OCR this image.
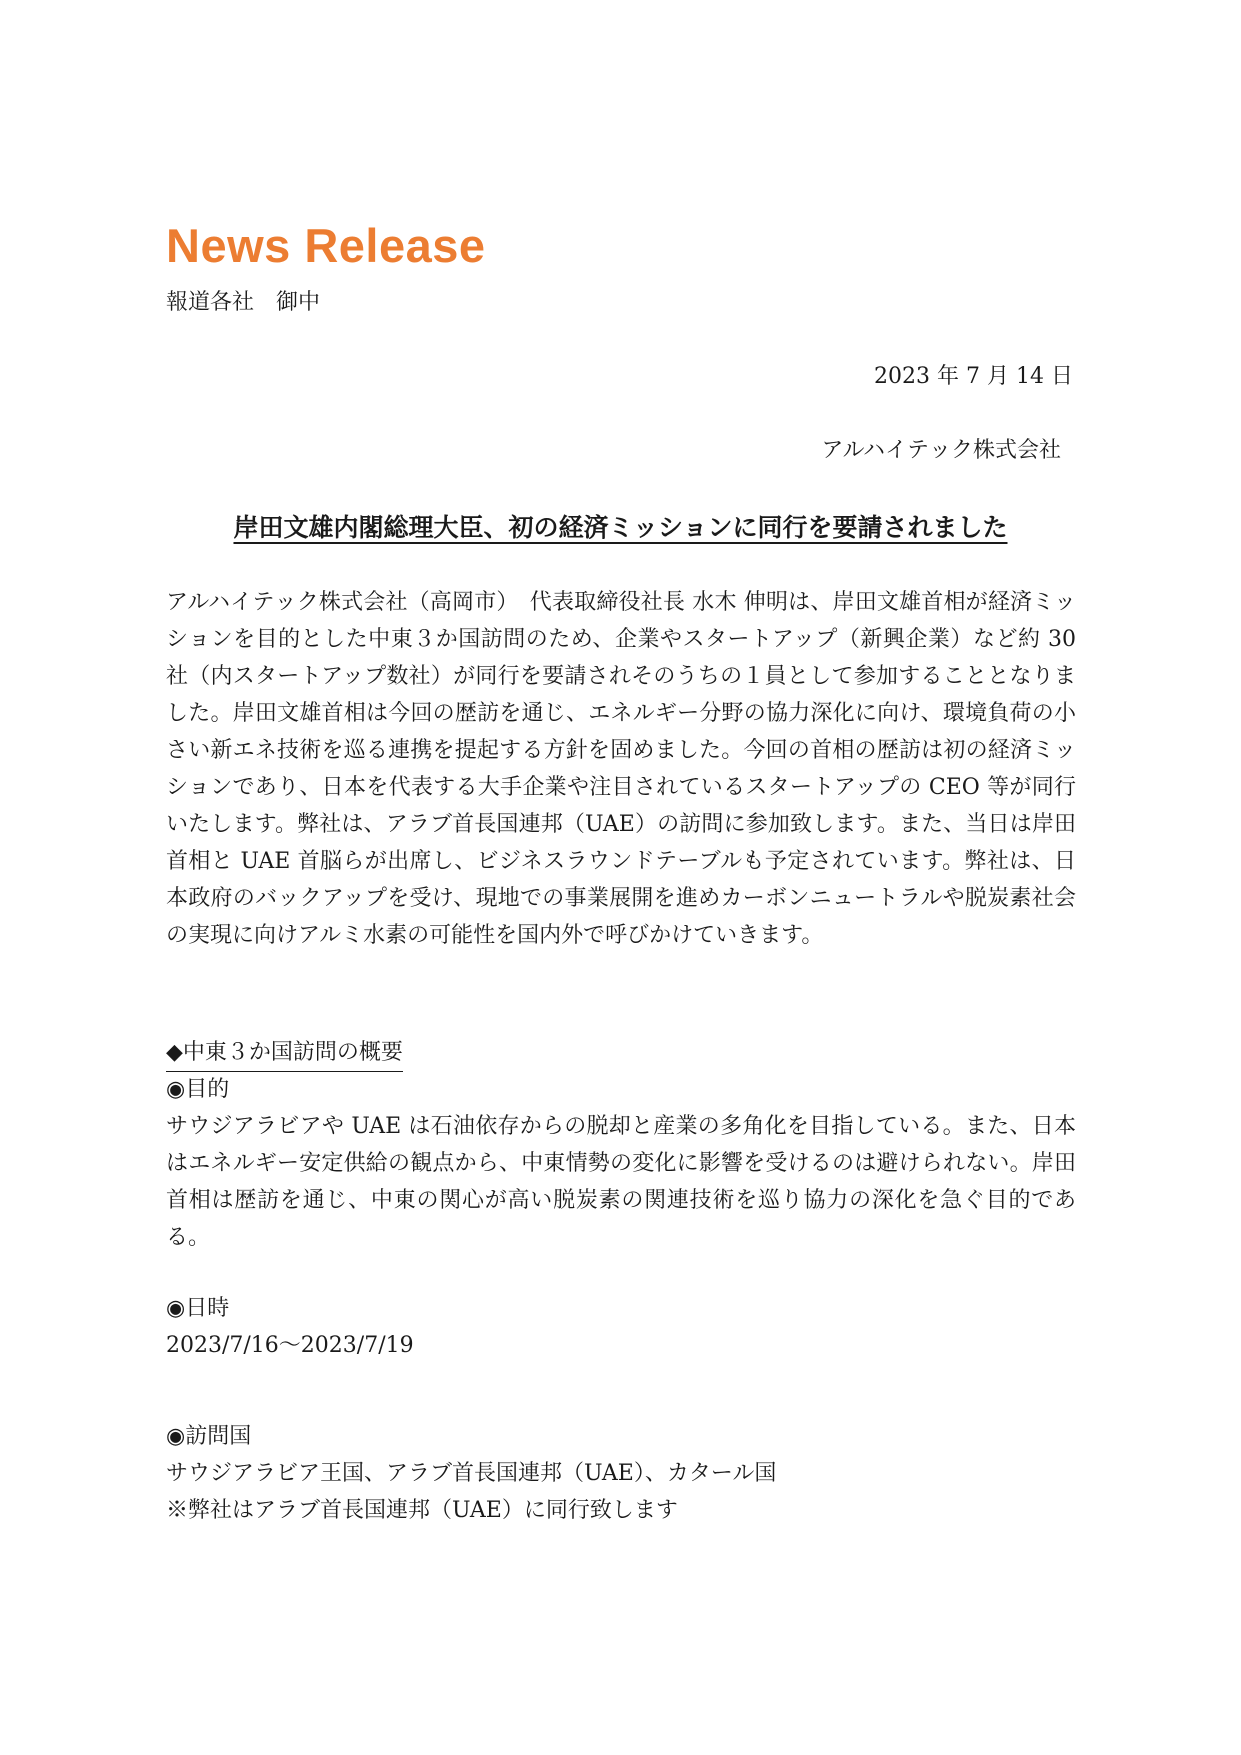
News Release
報道各社　御中
2023 年 7 月 14 日
アルハイテック株式会社
岸田文雄内閣総理大臣、初の経済ミッションに同行を要請されました

アルハイテック株式会社（高岡市）　代表取締役社長 水木 伸明は、岸田文雄首相が経済ミッションを目的とした中東３か国訪問のため、企業やスタートアップ（新興企業）など約 30 社（内スタートアップ数社）が同行を要請されそのうちの１員として参加することとなりました。岸田文雄首相は今回の歴訪を通じ、エネルギー分野の協力深化に向け、環境負荷の小さい新エネ技術を巡る連携を提起する方針を固めました。今回の首相の歴訪は初の経済ミッションであり、日本を代表する大手企業や注目されているスタートアップの CEO 等が同行いたします。弊社は、アラブ首長国連邦（UAE）の訪問に参加致します。また、当日は岸田首相と UAE 首脳らが出席し、ビジネスラウンドテーブルも予定されています。弊社は、日本政府のバックアップを受け、現地での事業展開を進めカーボンニュートラルや脱炭素社会の実現に向けアルミ水素の可能性を国内外で呼びかけていきます。

◆中東３か国訪問の概要
◉目的

サウジアラビアや UAE は石油依存からの脱却と産業の多角化を目指している。また、日本はエネルギー安定供給の観点から、中東情勢の変化に影響を受けるのは避けられない。岸田首相は歴訪を通じ、中東の関心が高い脱炭素の関連技術を巡り協力の深化を急ぐ目的である。

◉日時
2023/7/16～2023/7/19
◉訪問国
サウジアラビア王国、アラブ首長国連邦（UAE）、カタール国
※弊社はアラブ首長国連邦（UAE）に同行致します
